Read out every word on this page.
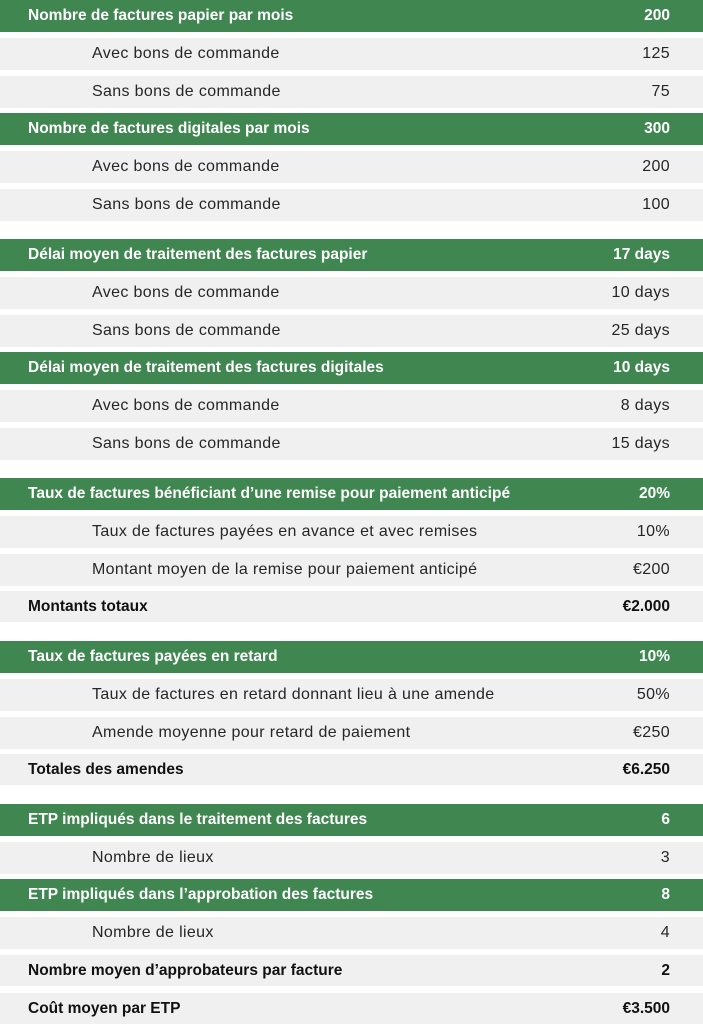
Nombre de factures papier par mois	200
Avec bons de commande	125
Sans bons de commande	75
Nombre de factures digitales par mois	300
Avec bons de commande	200
Sans bons de commande	100
Délai moyen de traitement des factures papier	17 days
Avec bons de commande	10 days
Sans bons de commande	25 days
Délai moyen de traitement des factures digitales	10 days
Avec bons de commande	8 days
Sans bons de commande	15 days
Taux de factures bénéficiant d’une remise pour paiement anticipé	20%
Taux de factures payées en avance et avec remises	10%
Montant moyen de la remise pour paiement anticipé	€200
Montants totaux	€2.000
Taux de factures payées en retard	10%
Taux de factures en retard donnant lieu à une amende	50%
Amende moyenne pour retard de paiement	€250
Totales des amendes	€6.250
ETP impliqués dans le traitement des factures	6
Nombre de lieux	3
ETP impliqués dans l’approbation des factures	8
Nombre de lieux	4
Nombre moyen d’approbateurs par facture	2
Coût moyen par ETP	€3.500
